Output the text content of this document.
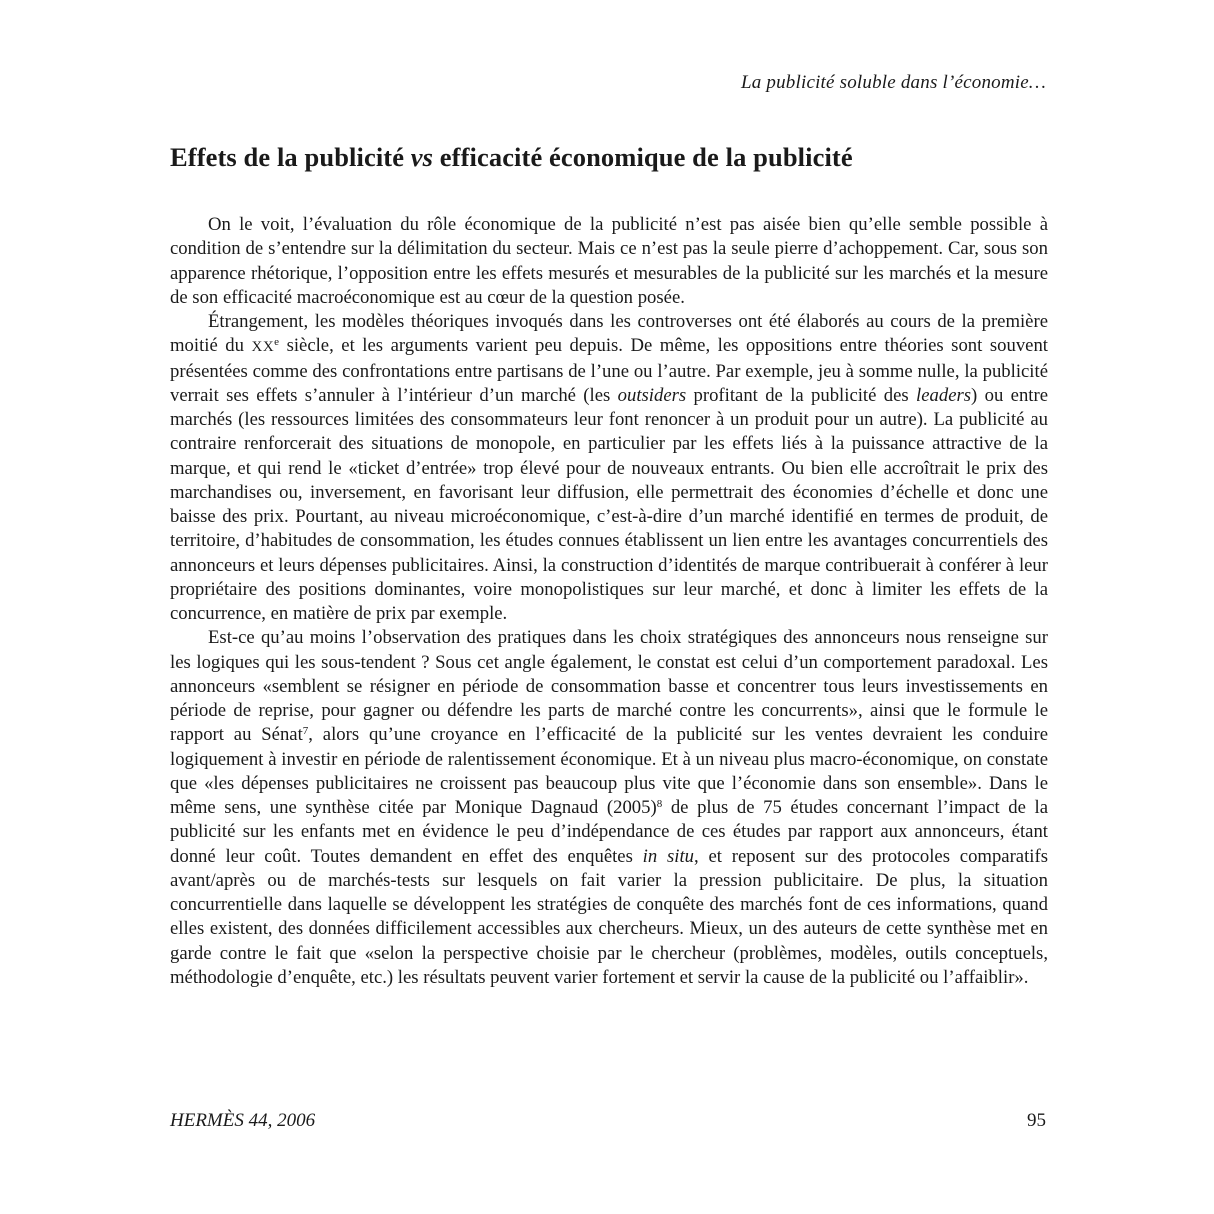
La publicité soluble dans l’économie…
Effets de la publicité vs efficacité économique de la publicité

On le voit, l’évaluation du rôle économique de la publicité n’est pas aisée bien qu’elle semble possible à condition de s’entendre sur la délimitation du secteur. Mais ce n’est pas la seule pierre d’achoppement. Car, sous son apparence rhétorique, l’opposition entre les effets mesurés et mesurables de la publicité sur les marchés et la mesure de son efficacité macroéconomique est au cœur de la question posée.

Étrangement, les modèles théoriques invoqués dans les controverses ont été élaborés au cours de la première moitié du XXe siècle, et les arguments varient peu depuis. De même, les oppositions entre théories sont souvent présentées comme des confrontations entre partisans de l’une ou l’autre. Par exemple, jeu à somme nulle, la publicité verrait ses effets s’annuler à l’intérieur d’un marché (les outsiders profitant de la publicité des leaders) ou entre marchés (les ressources limitées des consommateurs leur font renoncer à un produit pour un autre). La publicité au contraire renforcerait des situations de monopole, en particulier par les effets liés à la puissance attractive de la marque, et qui rend le «ticket d’entrée» trop élevé pour de nouveaux entrants. Ou bien elle accroîtrait le prix des marchandises ou, inversement, en favorisant leur diffusion, elle permettrait des économies d’échelle et donc une baisse des prix. Pourtant, au niveau microéconomique, c’est-à-dire d’un marché identifié en termes de produit, de territoire, d’habitudes de consommation, les études connues établissent un lien entre les avantages concurrentiels des annonceurs et leurs dépenses publicitaires. Ainsi, la construction d’identités de marque contribuerait à conférer à leur propriétaire des positions dominantes, voire monopolistiques sur leur marché, et donc à limiter les effets de la concurrence, en matière de prix par exemple.

Est-ce qu’au moins l’observation des pratiques dans les choix stratégiques des annonceurs nous renseigne sur les logiques qui les sous-tendent ? Sous cet angle également, le constat est celui d’un comportement paradoxal. Les annonceurs «semblent se résigner en période de consommation basse et concentrer tous leurs investissements en période de reprise, pour gagner ou défendre les parts de marché contre les concurrents», ainsi que le formule le rapport au Sénat$^7$, alors qu’une croyance en l’efficacité de la publicité sur les ventes devraient les conduire logiquement à investir en période de ralentissement économique. Et à un niveau plus macro-économique, on constate que «les dépenses publicitaires ne croissent pas beaucoup plus vite que l’économie dans son ensemble». Dans le même sens, une synthèse citée par Monique Dagnaud $(2005)^8$ de plus de 75 études concernant l’impact de la publicité sur les enfants met en évidence le peu d’indépendance de ces études par rapport aux annonceurs, étant donné leur coût. Toutes demandent en effet des enquêtes in situ, et reposent sur des protocoles comparatifs avant/après ou de marchés-tests sur lesquels on fait varier la pression publicitaire. De plus, la situation concurrentielle dans laquelle se développent les stratégies de conquête des marchés font de ces informations, quand elles existent, des données difficilement accessibles aux chercheurs. Mieux, un des auteurs de cette synthèse met en garde contre le fait que «selon la perspective choisie par le chercheur (problèmes, modèles, outils conceptuels, méthodologie d’enquête, etc.) les résultats peuvent varier fortement et servir la cause de la publicité ou l’affaiblir».

HERMÈS 44, 2006	95
